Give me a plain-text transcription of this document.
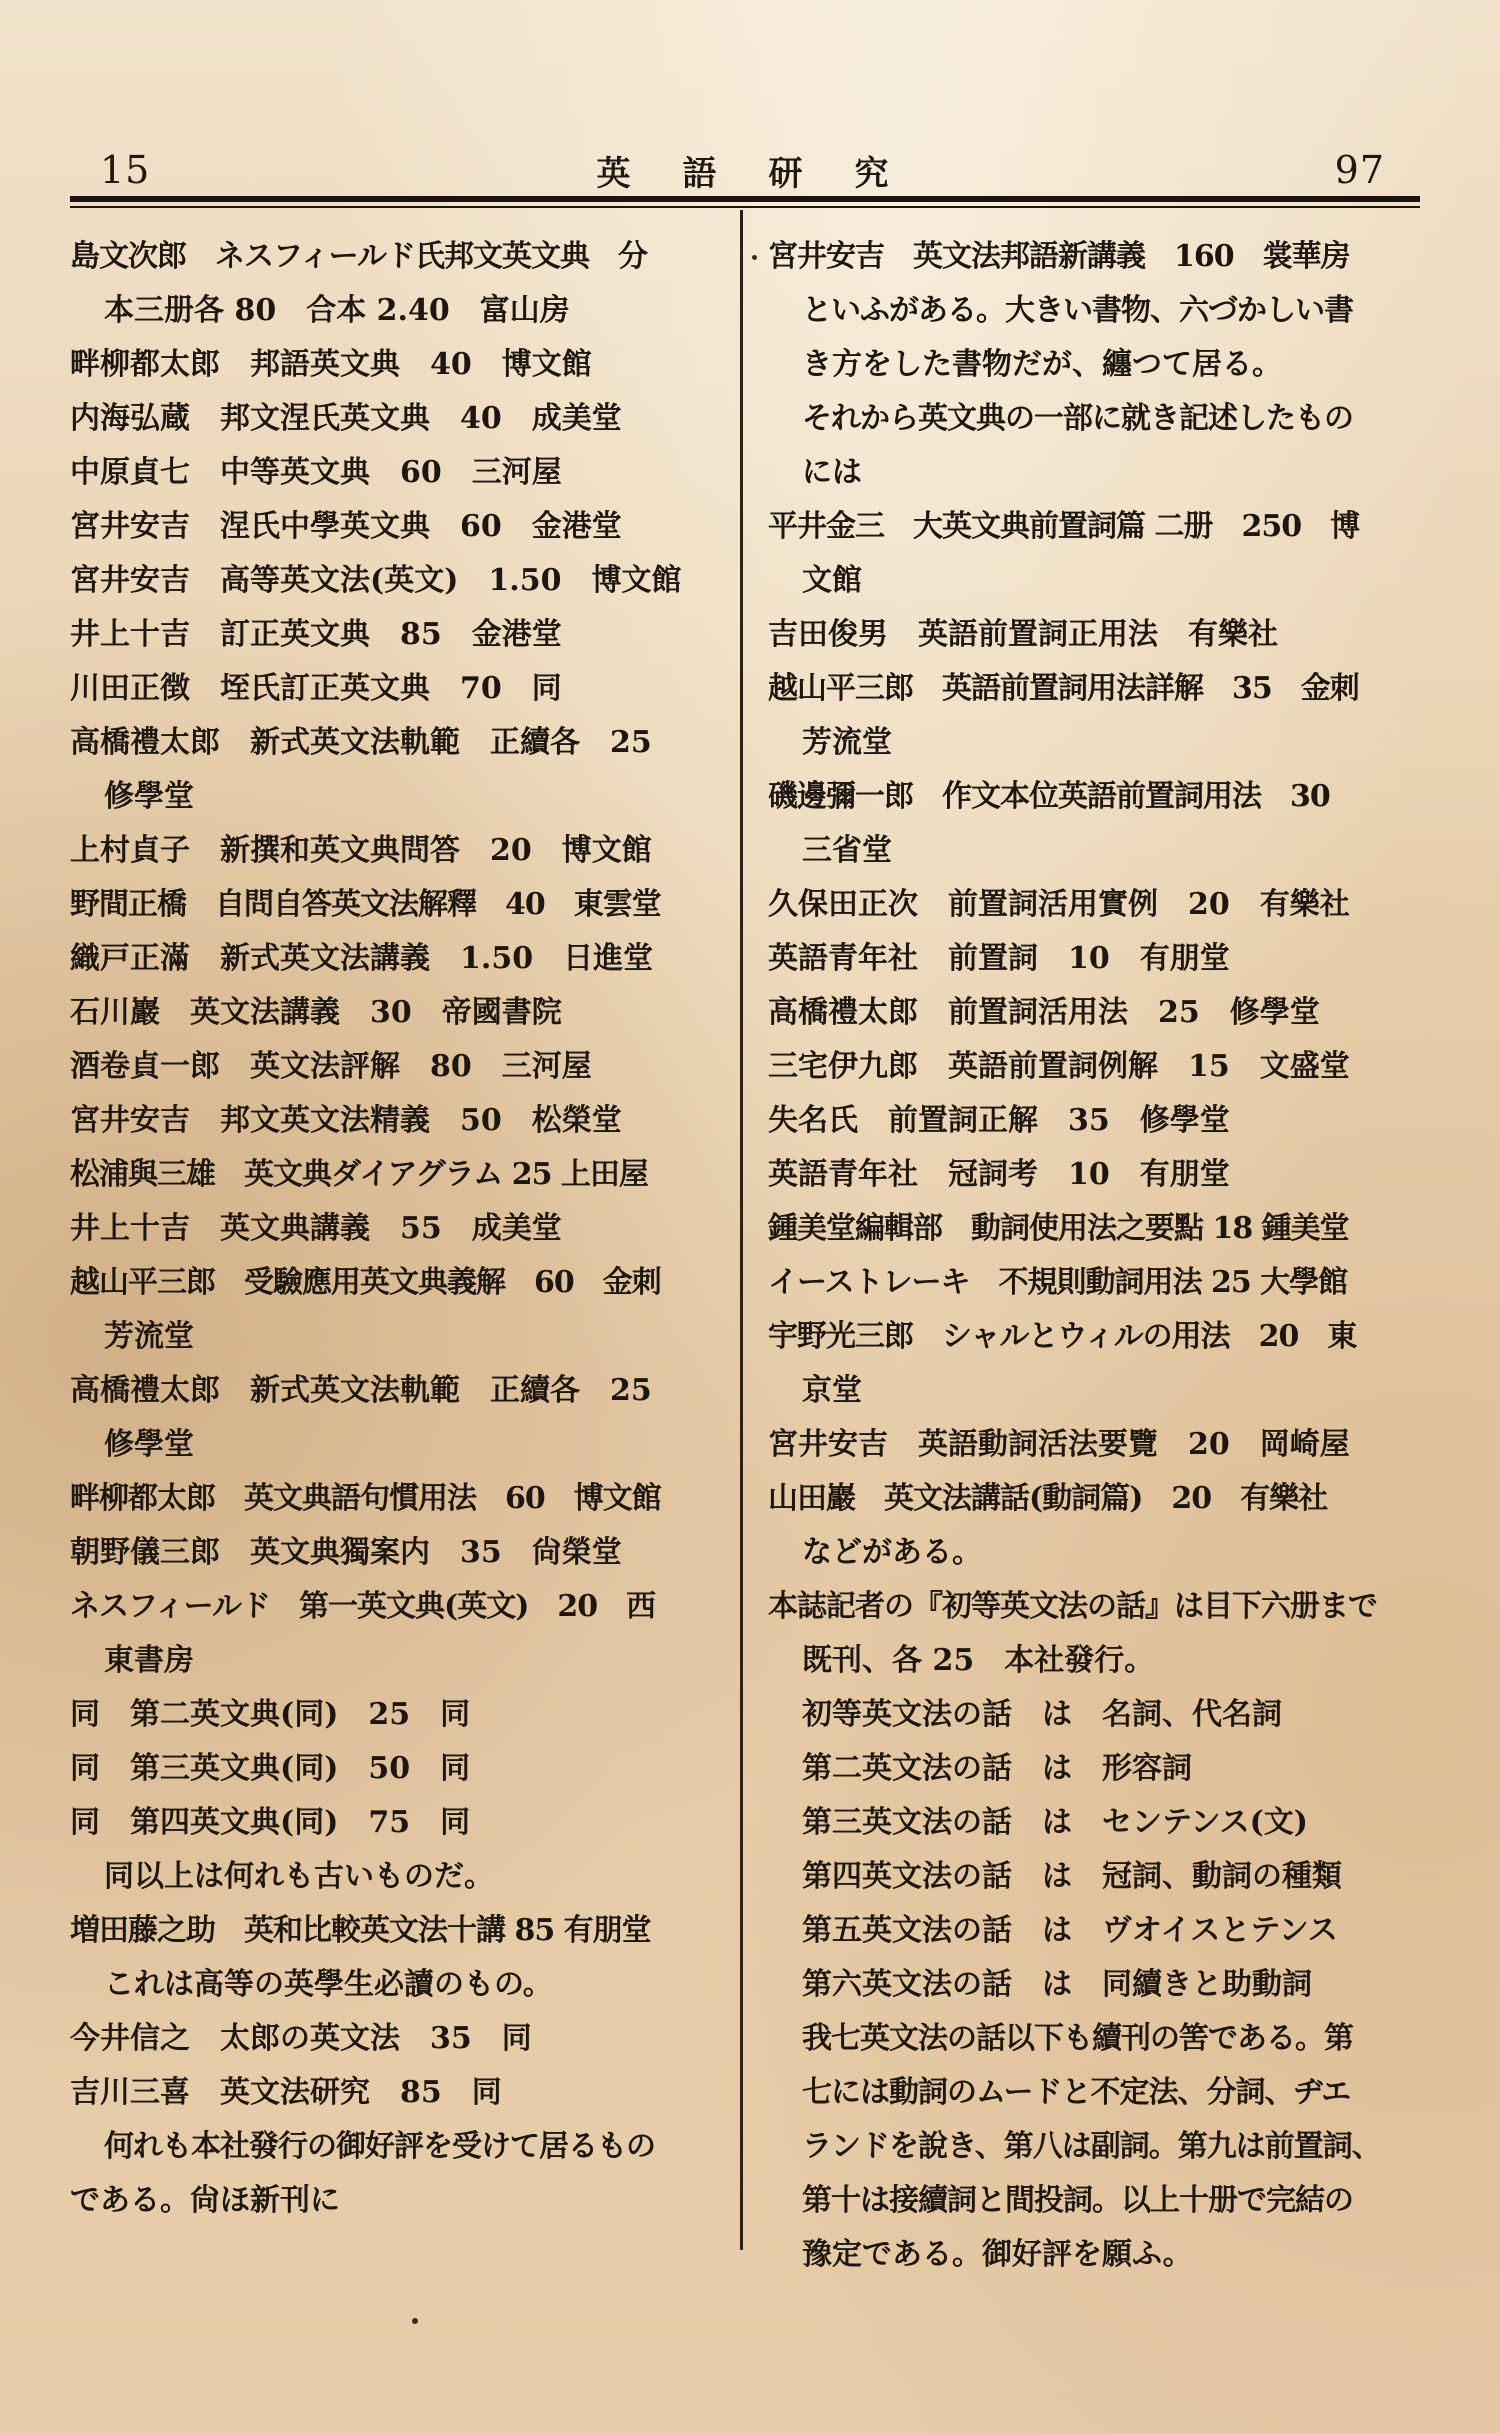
15	英語研究	97
島文次郎　ネスフィールド氏邦文英文典　分
本三册各 80　合本 2.40　富山房
畔柳都太郎　邦語英文典　40　博文館
内海弘蔵　邦文涅氏英文典　40　成美堂
中原貞七　中等英文典　60　三河屋
宮井安吉　涅氏中學英文典　60　金港堂
宮井安吉　高等英文法(英文)　1.50　博文館
井上十吉　訂正英文典　85　金港堂
川田正徴　垤氏訂正英文典　70　同
高橋禮太郎　新式英文法軌範　正續各　25
修學堂
上村貞子　新撰和英文典問答　20　博文館
野間正橋　自問自答英文法解釋　40　東雲堂
織戸正滿　新式英文法講義　1.50　日進堂
石川巖　英文法講義　30　帝國書院
酒卷貞一郎　英文法評解　80　三河屋
宮井安吉　邦文英文法精義　50　松榮堂
松浦與三雄　英文典ダイアグラム 25 上田屋
井上十吉　英文典講義　55　成美堂
越山平三郎　受驗應用英文典義解　60　金刺
芳流堂
高橋禮太郎　新式英文法軌範　正續各　25
修學堂
畔柳都太郎　英文典語句慣用法　60　博文館
朝野儀三郎　英文典獨案内　35　尙榮堂
ネスフィールド　第一英文典(英文)　20　西
東書房
同　第二英文典(同)　25　同
同　第三英文典(同)　50　同
同　第四英文典(同)　75　同
同以上は何れも古いものだ。
増田藤之助　英和比較英文法十講 85 有朋堂
これは高等の英學生必讀のもの。
今井信之　太郎の英文法　35　同
吉川三喜　英文法研究　85　同
何れも本社發行の御好評を受けて居るもの
である。尙ほ新刊に
宮井安吉　英文法邦語新講義　160　裳華房
といふがある。大きい書物、六づかしい書
き方をした書物だが、纏つて居る。
それから英文典の一部に就き記述したもの
には
平井金三　大英文典前置詞篇 二册　250　博
文館
吉田俊男　英語前置詞正用法　有樂社
越山平三郎　英語前置詞用法詳解　35　金刺
芳流堂
磯邊彌一郎　作文本位英語前置詞用法　30
三省堂
久保田正次　前置詞活用實例　20　有樂社
英語青年社　前置詞　10　有朋堂
高橋禮太郎　前置詞活用法　25　修學堂
三宅伊九郎　英語前置詞例解　15　文盛堂
失名氏　前置詞正解　35　修學堂
英語青年社　冠詞考　10　有朋堂
鍾美堂編輯部　動詞使用法之要點 18 鍾美堂
イーストレーキ　不規則動詞用法 25 大學館
宇野光三郎　シャルとウィルの用法　20　東
京堂
宮井安吉　英語動詞活法要覽　20　岡崎屋
山田巖　英文法講話(動詞篇)　20　有樂社
などがある。
本誌記者の『初等英文法の話』は目下六册まで
既刊、各 25　本社發行。
初等英文法の話　は　名詞、代名詞
第二英文法の話　は　形容詞
第三英文法の話　は　センテンス(文)
第四英文法の話　は　冠詞、動詞の種類
第五英文法の話　は　ヴオイスとテンス
第六英文法の話　は　同續きと助動詞
我七英文法の話以下も續刊の筈である。第
七には動詞のムードと不定法、分詞、ヂエ
ランドを說き、第八は副詞。第九は前置詞、
第十は接續詞と間投詞。以上十册で完結の
豫定である。御好評を願ふ。
